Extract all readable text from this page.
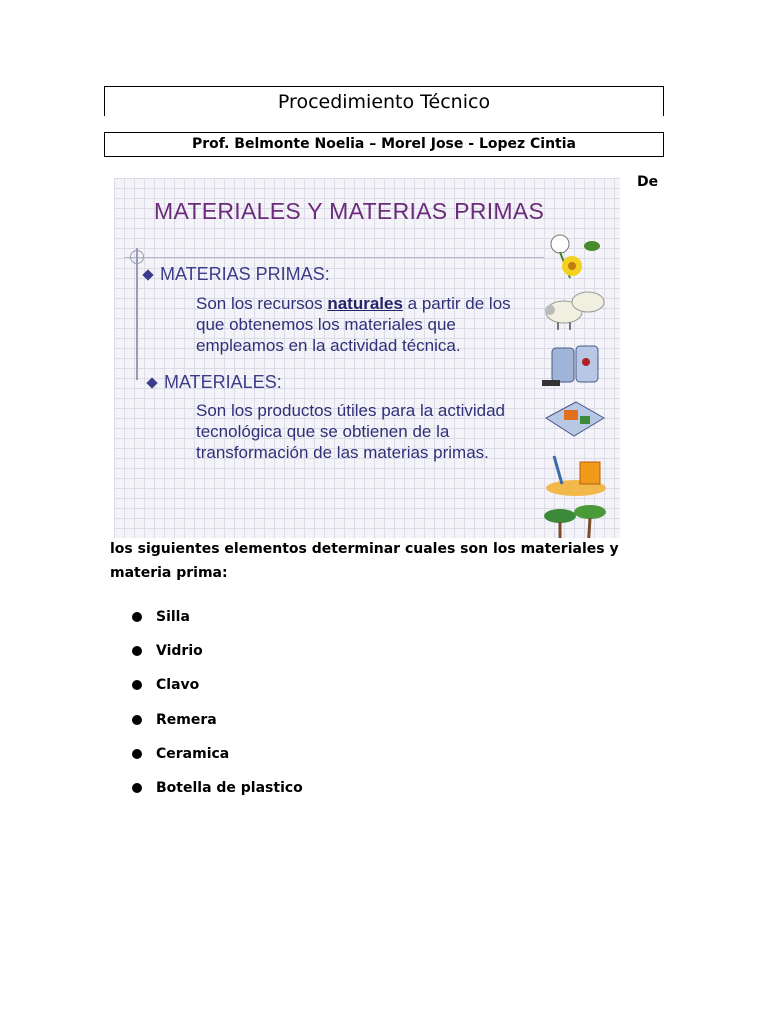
Procedimiento Técnico
Prof. Belmonte Noelia – Morel Jose - Lopez Cintia
De
MATERIALES Y MATERIAS PRIMAS
MATERIAS PRIMAS:
Son los recursos naturales a partir de los que obtenemos los materiales que empleamos en la actividad técnica.
MATERIALES:
Son los productos útiles para la actividad tecnológica que se obtienen de la transformación de las materias primas.
los siguientes elementos determinar cuales son los materiales y materia prima:
Silla
Vidrio
Clavo
Remera
Ceramica
Botella de plastico
